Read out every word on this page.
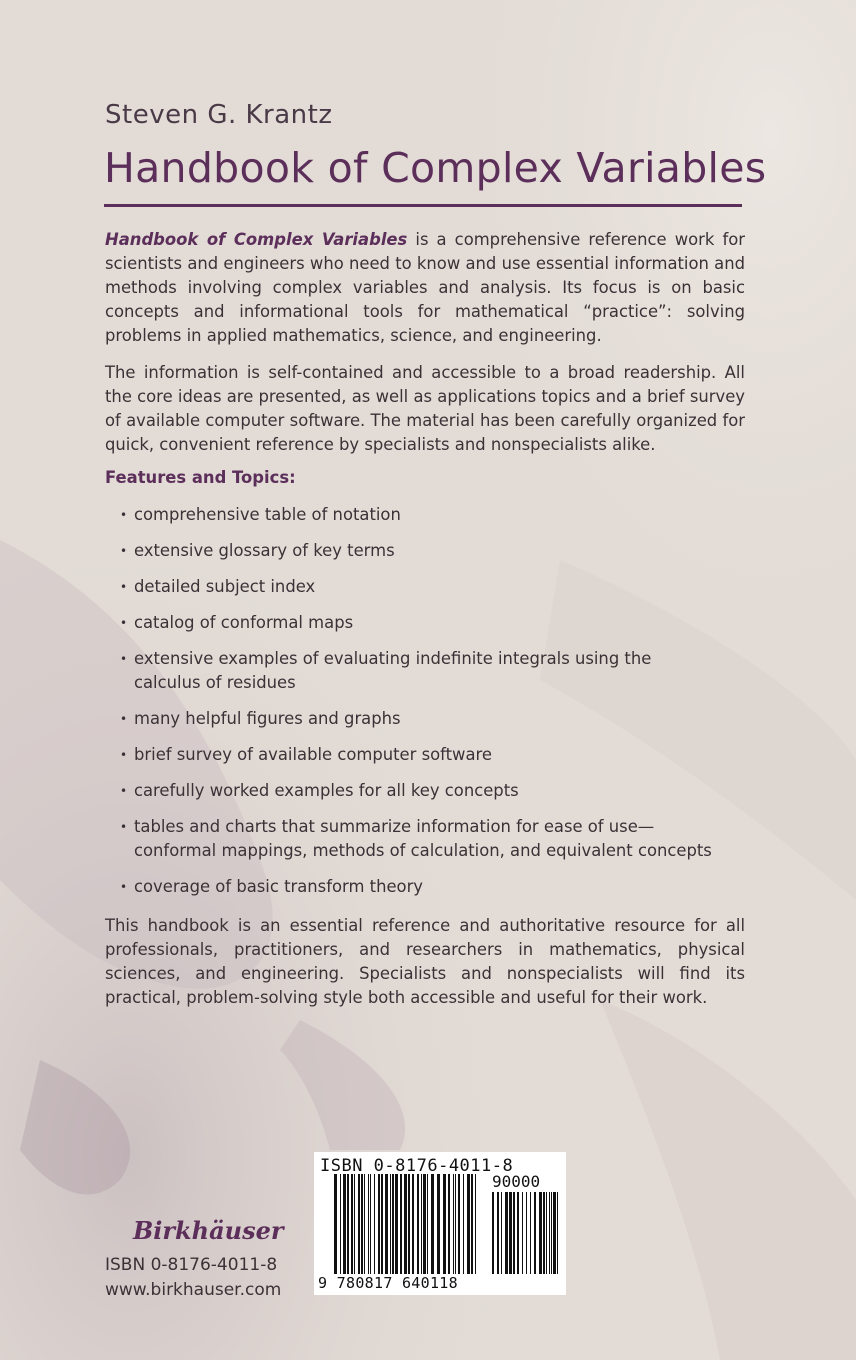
Steven G. Krantz
Handbook of Complex Variables
Handbook of Complex Variables is a comprehensive reference work for scientists and engineers who need to know and use essential information and methods involving complex variables and analysis. Its focus is on basic concepts and informational tools for mathematical “practice”: solving problems in applied mathematics, science, and engineering.
The information is self-contained and accessible to a broad readership. All the core ideas are presented, as well as applications topics and a brief survey of available computer software. The material has been carefully organized for quick, convenient reference by specialists and nonspecialists alike.
Features and Topics:
• comprehensive table of notation
• extensive glossary of key terms
• detailed subject index
• catalog of conformal maps
• extensive examples of evaluating indefinite integrals using the calculus of residues
• many helpful figures and graphs
• brief survey of available computer software
• carefully worked examples for all key concepts
• tables and charts that summarize information for ease of use—conformal mappings, methods of calculation, and equivalent concepts
• coverage of basic transform theory
This handbook is an essential reference and authoritative resource for all professionals, practitioners, and researchers in mathematics, physical sciences, and engineering. Specialists and nonspecialists will find its practical, problem-solving style both accessible and useful for their work.
Birkhäuser
ISBN 0-8176-4011-8
www.birkhauser.com
ISBN 0-8176-4011-8
90000
9 780817 640118
